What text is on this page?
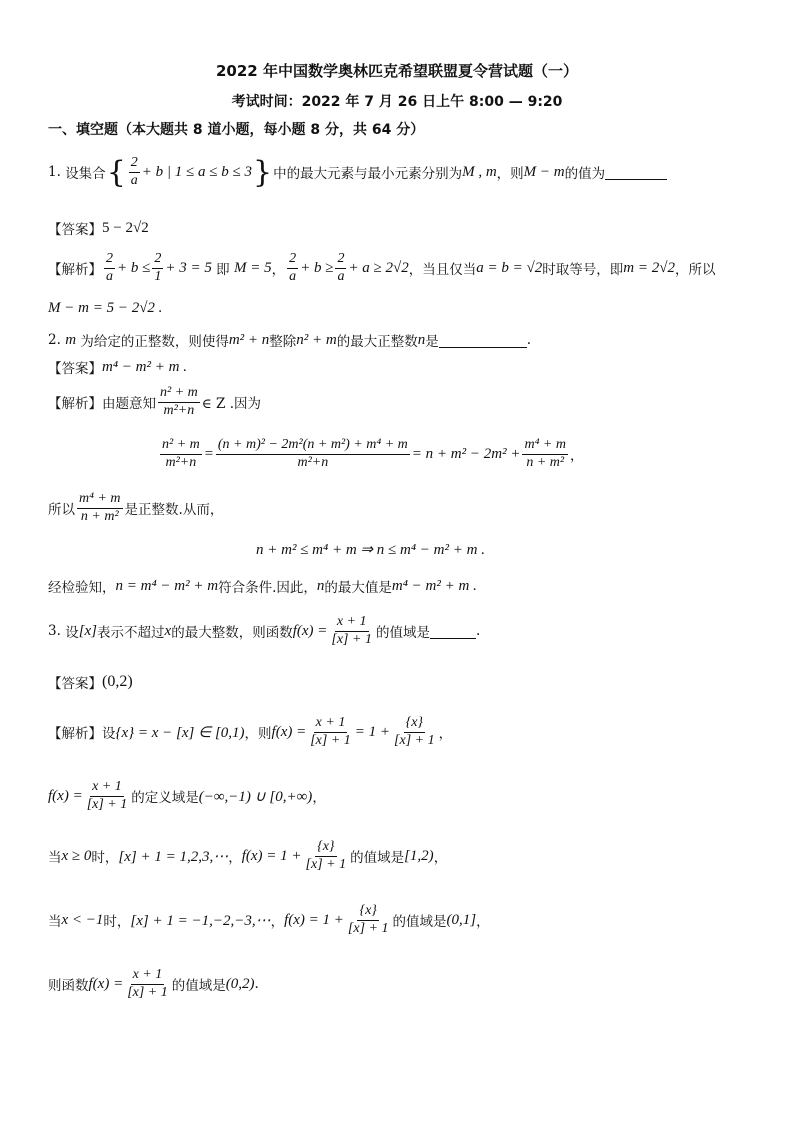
2022 年中国数学奥林匹克希望联盟夏令营试题（一）
考试时间：2022 年 7 月 26 日上午 8:00 — 9:20
一、填空题（本大题共 8 道小题，每小题 8 分，共 64 分）
1.
设集合 { $\frac{2}{a} + b$ | 1 ≤ a ≤ b ≤ 3 } 中的最大元素与最小元素分别为 M , m ，则 M − m 的值为
【答案】 5 − 2√2
【解析】 $\frac{2}{a} + b \le \frac{2}{1} + 3 = 5$
即
M = 5 ， $\frac{2}{a} + b \ge \frac{2}{a} + a \ge 2√2$ ，当且仅当 a = b = √2 时取等号，即 m = 2√2 ，所以
M − m = 5 − 2√2 .
2.
m
为给定的正整数，则使得 m² + n 整除 n² + m 的最大正整数 n 是	.
【答案】 m⁴ − m² + m .
【解析】 由题意知 $\frac{\text{n² + m}}{\text{m²+n}}$ ∈ Z .因为
$\frac{\text{n² + m}}{\text{m²+n}} = \frac{\text{(n + m)² − 2m²(n + m²) + m⁴ + m}}{\text{m²+n}} = n + m^2 - 2m^2 + \frac{\text{m⁴ + m}}{\text{n + m²}}$ ，
所以 $\frac{\text{m⁴ + m}}{\text{n + m²}}$ 是正整数.从而，
n + m² ≤ m⁴ + m ⇒ n ≤ m⁴ − m² + m .
经检验知， n = m⁴ − m² + m 符合条件.因此， n 的最大值是 m⁴ − m² + m .
3.
设 [x] 表示不超过 x 的最大整数，则函数 $f(x) = \frac{x + 1}{[x] + 1}$ 的值域是	.
【答案】 (0,2)
【解析】 设 {x} = x − [x] ∈ [0,1) ，则 $f(x) = \frac{x + 1}{[x] + 1} = 1 + \frac{\{x\}}{[x] + 1}$ ，
$f(x) = \frac{x + 1}{[x] + 1}$ 的定义域是 (−∞,−1) ∪ [0,+∞) ，
当 x ≥ 0 时， [x] + 1 = 1,2,3,⋯ ， $f(x) = 1 + \frac{\{x\}}{[x] + 1}$ 的值域是 [1,2) ，
当 x < −1 时， [x] + 1 = −1,−2,−3,⋯ ， $f(x) = 1 + \frac{\{x\}}{[x] + 1}$ 的值域是 (0,1] ，
则函数 $f(x) = \frac{x + 1}{[x] + 1}$ 的值域是 (0,2) .
